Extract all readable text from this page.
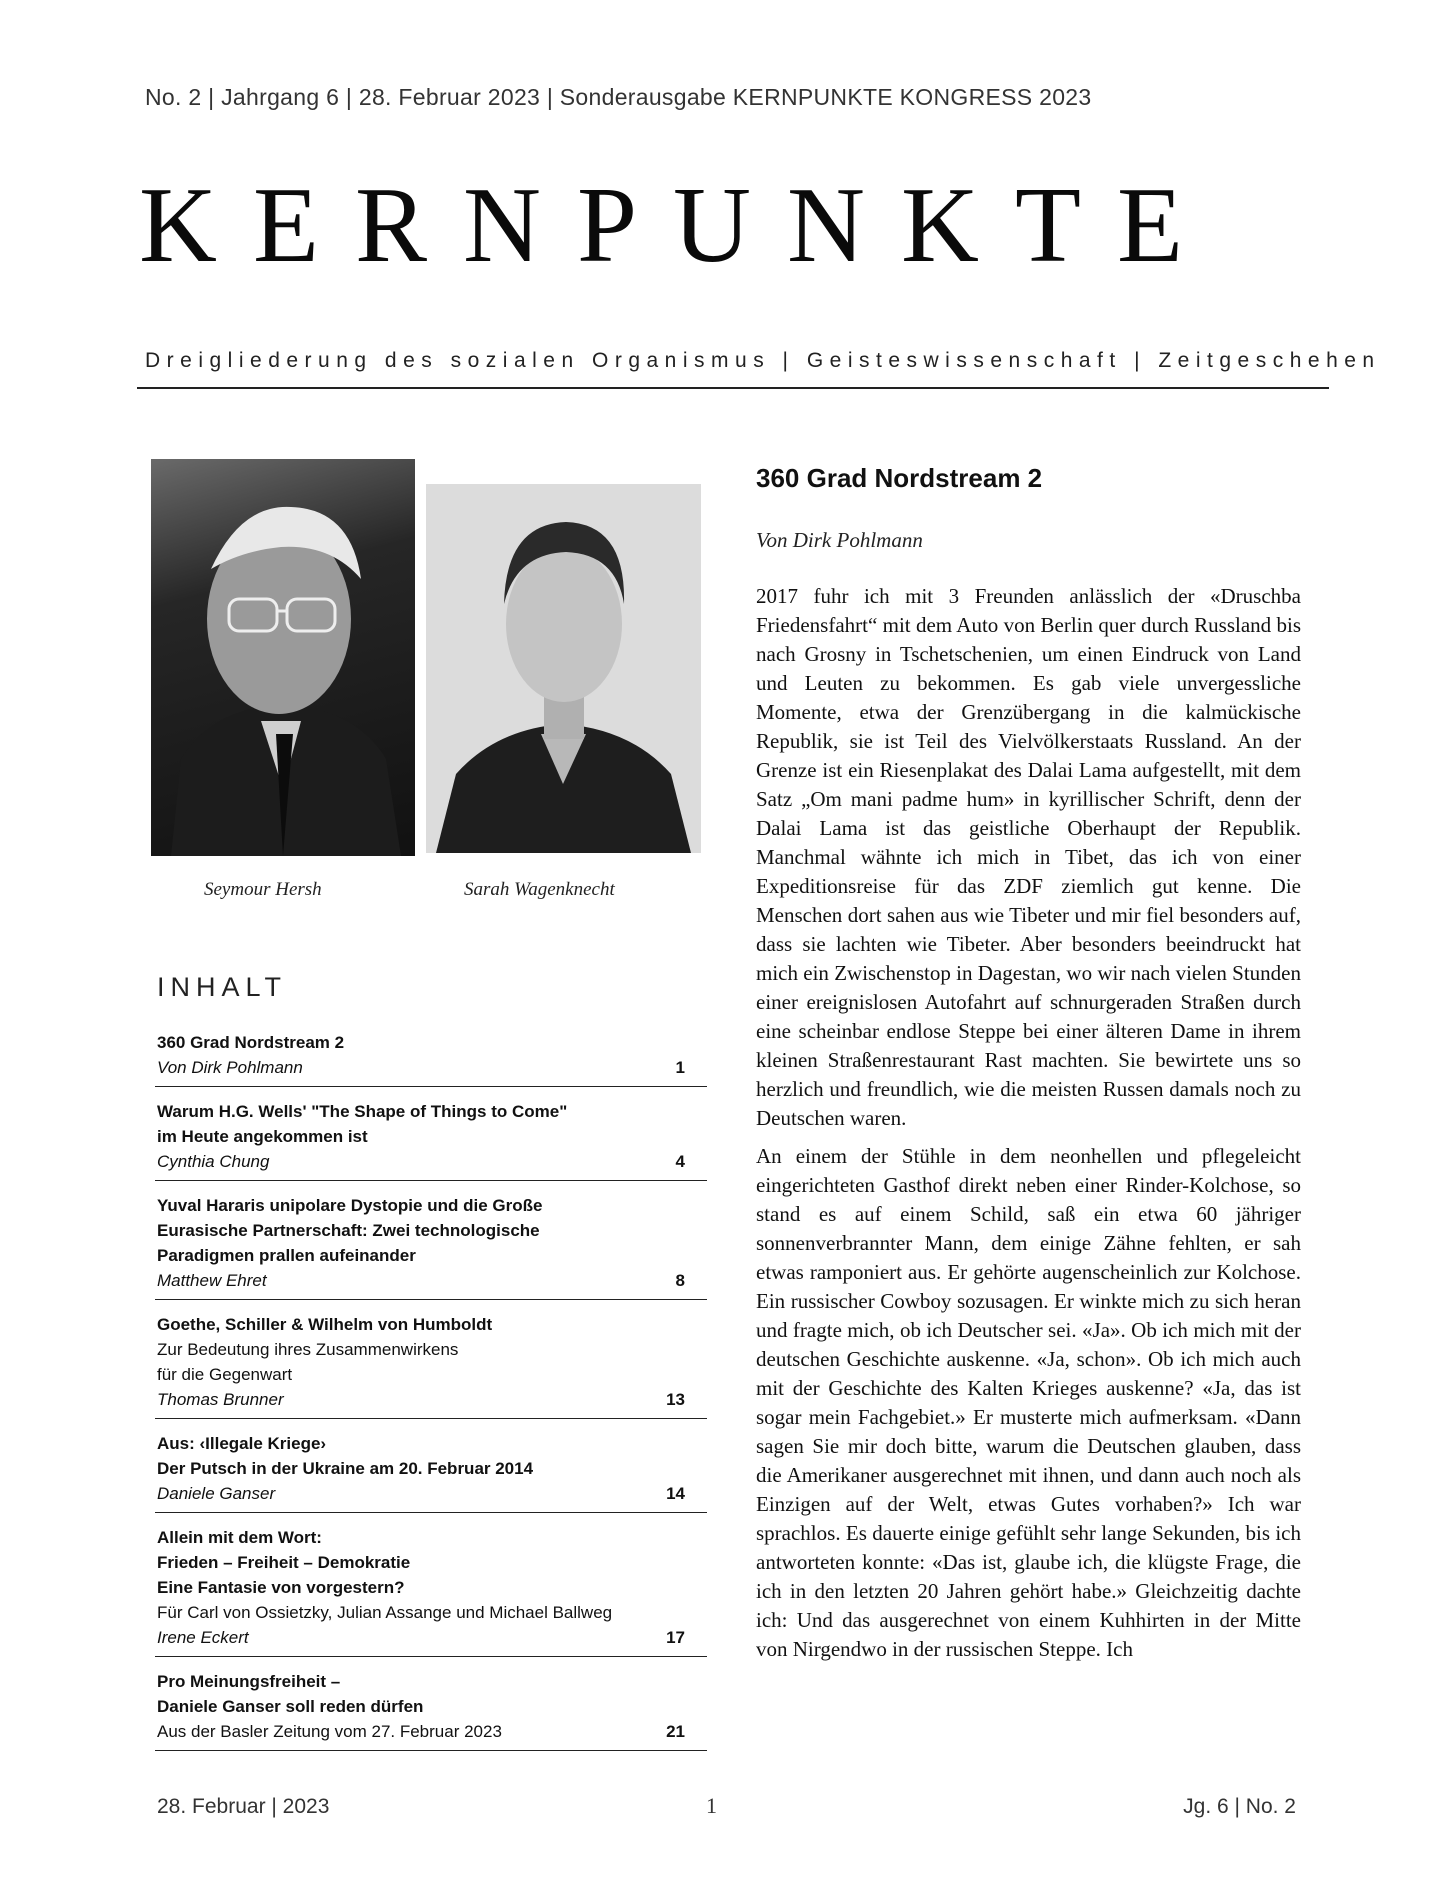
No. 2 | Jahrgang 6 | 28. Februar 2023 | Sonderausgabe KERNPUNKTE KONGRESS 2023
KERNPUNKTE
Dreigliederung des sozialen Organismus | Geisteswissenschaft | Zeitgeschehen
Seymour Hersh	Sarah Wagenknecht
INHALT
360 Grad Nordstream 2
Von Dirk Pohlmann	1
Warum H.G. Wells' "The Shape of Things to Come"
im Heute angekommen ist
Cynthia Chung	4
Yuval Hararis unipolare Dystopie und die Große
Eurasische Partnerschaft: Zwei technologische
Paradigmen prallen aufeinander
Matthew Ehret	8
Goethe, Schiller & Wilhelm von Humboldt
Zur Bedeutung ihres Zusammenwirkens
für die Gegenwart
Thomas Brunner	13
Aus: ‹Illegale Kriege›
Der Putsch in der Ukraine am 20. Februar 2014
Daniele Ganser	14
Allein mit dem Wort:
Frieden – Freiheit – Demokratie
Eine Fantasie von vorgestern?
Für Carl von Ossietzky, Julian Assange und Michael Ballweg
Irene Eckert	17
Pro Meinungsfreiheit –
Daniele Ganser soll reden dürfen
Aus der Basler Zeitung vom 27. Februar 2023	21
360 Grad Nordstream 2
Von Dirk Pohlmann

2017 fuhr ich mit 3 Freunden anlässlich der «Druschba Friedensfahrt“ mit dem Auto von Berlin quer durch Russland bis nach Grosny in Tschetschenien, um einen Eindruck von Land und Leuten zu bekommen. Es gab viele unvergessliche Momente, etwa der Grenzübergang in die kalmückische Republik, sie ist Teil des Vielvölkerstaats Russland. An der Grenze ist ein Riesenplakat des Dalai Lama aufgestellt, mit dem Satz „Om mani padme hum» in kyrillischer Schrift, denn der Dalai Lama ist das geistliche Oberhaupt der Republik. Manchmal wähnte ich mich in Tibet, das ich von einer Expeditionsreise für das ZDF ziemlich gut kenne. Die Menschen dort sahen aus wie Tibeter und mir fiel besonders auf, dass sie lachten wie Tibeter. Aber besonders beeindruckt hat mich ein Zwischenstop in Dagestan, wo wir nach vielen Stunden einer ereignislosen Autofahrt auf schnurgeraden Straßen durch eine scheinbar endlose Steppe bei einer älteren Dame in ihrem kleinen Straßenrestaurant Rast machten. Sie bewirtete uns so herzlich und freundlich, wie die meisten Russen damals noch zu Deutschen waren.

An einem der Stühle in dem neonhellen und pflegeleicht eingerichteten Gasthof direkt neben einer Rinder-Kolchose, so stand es auf einem Schild, saß ein etwa 60 jähriger sonnenverbrannter Mann, dem einige Zähne fehlten, er sah etwas ramponiert aus. Er gehörte augenscheinlich zur Kolchose. Ein russischer Cowboy sozusagen. Er winkte mich zu sich heran und fragte mich, ob ich Deutscher sei. «Ja». Ob ich mich mit der deutschen Geschichte auskenne. «Ja, schon». Ob ich mich auch mit der Geschichte des Kalten Krieges auskenne? «Ja, das ist sogar mein Fachgebiet.» Er musterte mich aufmerksam. «Dann sagen Sie mir doch bitte, warum die Deutschen glauben, dass die Amerikaner ausgerechnet mit ihnen, und dann auch noch als Einzigen auf der Welt, etwas Gutes vorhaben?» Ich war sprachlos. Es dauerte einige gefühlt sehr lange Sekunden, bis ich antworteten konnte: «Das ist, glaube ich, die klügste Frage, die ich in den letzten 20 Jahren gehört habe.» Gleichzeitig dachte ich: Und das ausgerechnet von einem Kuhhirten in der Mitte von Nirgendwo in der russischen Steppe. Ich

28. Februar | 2023	1	Jg. 6 | No. 2
